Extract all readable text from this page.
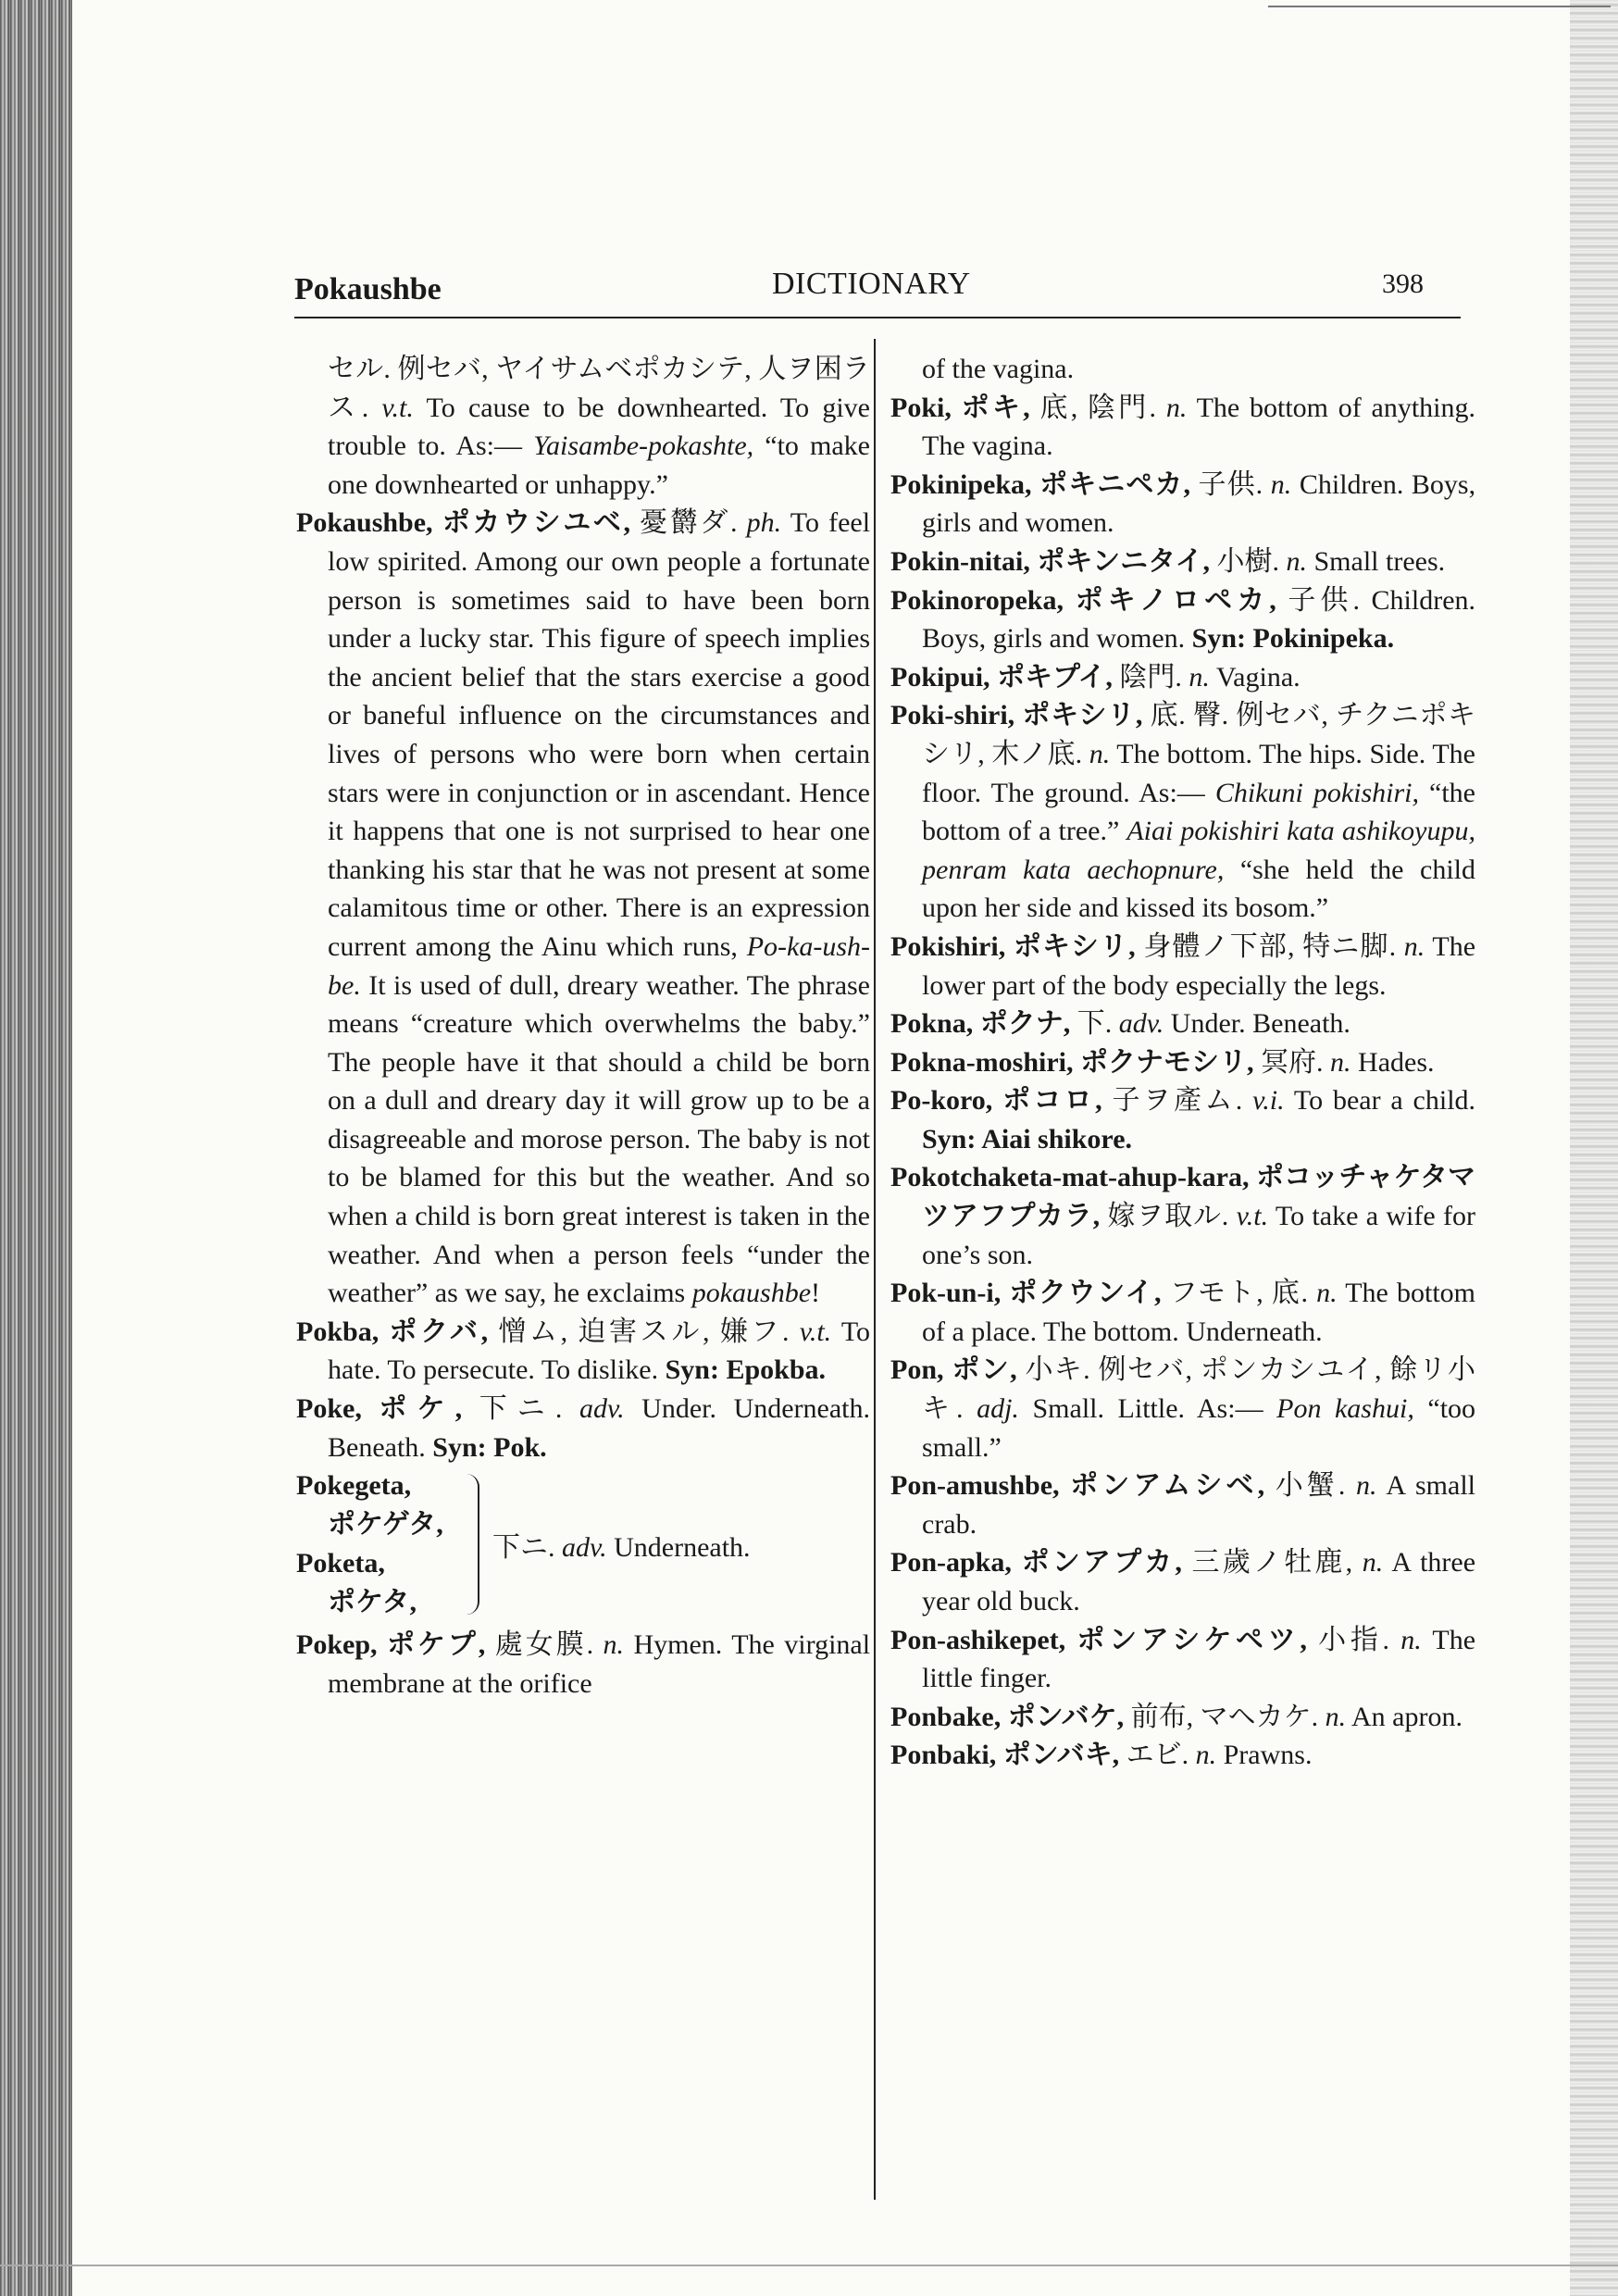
Pokaushbe	DICTIONARY	398

セル. 例セバ, ヤイサムベポカシテ, 人ヲ困ラス. v.t. To cause to be downhearted. To give trouble to. As:— Yaisambe-pokashte, “to make one downhearted or unhappy.”

Pokaushbe, ポカウシユベ, 憂欝ダ. ph. To feel low spirited. Among our own people a fortunate person is sometimes said to have been born under a lucky star. This figure of speech implies the ancient belief that the stars exercise a good or baneful influence on the circumstances and lives of persons who were born when certain stars were in conjunction or in ascendant. Hence it happens that one is not surprised to hear one thanking his star that he was not present at some calamitous time or other. There is an expression current among the Ainu which runs, Po-ka-ush-be. It is used of dull, dreary weather. The phrase means “creature which overwhelms the baby.” The people have it that should a child be born on a dull and dreary day it will grow up to be a disagreeable and morose person. The baby is not to be blamed for this but the weather. And so when a child is born great interest is taken in the weather. And when a person feels “under the weather” as we say, he exclaims pokaushbe!

Pokba, ポクバ, 憎ム, 迫害スル, 嫌フ. v.t. To hate. To persecute. To dislike. Syn: Epokba.

Poke, ポケ, 下ニ. adv. Under. Underneath. Beneath. Syn: Pok.

Pokegeta,
ポケゲタ,
Poketa,
ポケタ,
下ニ. adv. Underneath.

Pokep, ポケプ, 處女膜. n. Hymen. The virginal membrane at the orifice

of the vagina.

Poki, ポキ, 底, 陰門. n. The bottom of anything. The vagina.

Pokinipeka, ポキニペカ, 子供. n. Children. Boys, girls and women.

Pokin-nitai, ポキンニタイ, 小樹. n. Small trees.

Pokinoropeka, ポキノロペカ, 子供. Children. Boys, girls and women. Syn: Pokinipeka.

Pokipui, ポキプイ, 陰門. n. Vagina.

Poki-shiri, ポキシリ, 底. 臀. 例セバ, チクニポキシリ, 木ノ底. n. The bottom. The hips. Side. The floor. The ground. As:— Chikuni pokishiri, “the bottom of a tree.” Aiai pokishiri kata ashikoyupu, penram kata aechopnure, “she held the child upon her side and kissed its bosom.”

Pokishiri, ポキシリ, 身體ノ下部, 特ニ脚. n. The lower part of the body especially the legs.

Pokna, ポクナ, 下. adv. Under. Beneath.

Pokna-moshiri, ポクナモシリ, 冥府. n. Hades.

Po-koro, ポコロ, 子ヲ產ム. v.i. To bear a child. Syn: Aiai shikore.

Pokotchaketa-mat-ahup-kara, ポコッチャケタマツアフプカラ, 嫁ヲ取ル. v.t. To take a wife for one’s son.

Pok-un-i, ポクウンイ, フモト, 底. n. The bottom of a place. The bottom. Underneath.

Pon, ポン, 小キ. 例セバ, ポンカシユイ, 餘リ小キ. adj. Small. Little. As:— Pon kashui, “too small.”

Pon-amushbe, ポンアムシベ, 小蟹. n. A small crab.

Pon-apka, ポンアプカ, 三歲ノ牡鹿, n. A three year old buck.

Pon-ashikepet, ポンアシケペツ, 小指. n. The little finger.

Ponbake, ポンバケ, 前布, マヘカケ. n. An apron.

Ponbaki, ポンバキ, エビ. n. Prawns.
